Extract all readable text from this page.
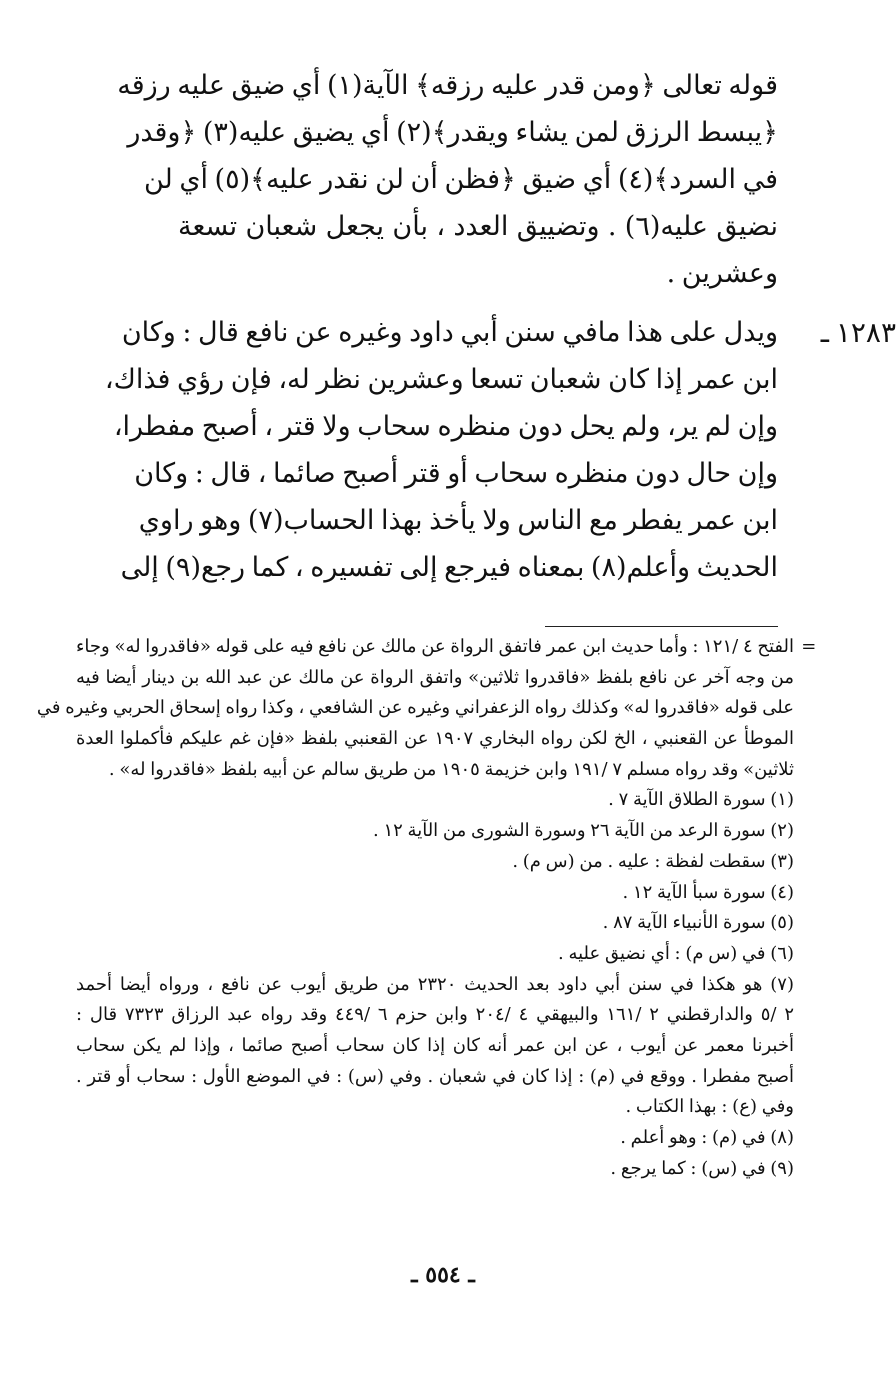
قوله تعالى ﴿ومن قدر عليه رزقه﴾ الآية(١) أي ضيق عليه رزقه
﴿يبسط الرزق لمن يشاء ويقدر﴾(٢) أي يضيق عليه(٣) ﴿وقدر
في السرد﴾(٤) أي ضيق ﴿فظن أن لن نقدر عليه﴾(٥) أي لن
نضيق عليه(٦) . وتضييق العدد ، بأن يجعل شعبان تسعة
وعشرين .
١٢٨٣ ـ
ويدل على هذا مافي سنن أبي داود وغيره عن نافع قال : وكان
ابن عمر إذا كان شعبان تسعا وعشرين نظر له، فإن رؤي فذاك،
وإن لم ير، ولم يحل دون منظره سحاب ولا قتر ، أصبح مفطرا،
وإن حال دون منظره سحاب أو قتر أصبح صائما ، قال : وكان
ابن عمر يفطر مع الناس ولا يأخذ بهذا الحساب(٧) وهو راوي
الحديث وأعلم(٨) بمعناه فيرجع إلى تفسيره ، كما رجع(٩) إلى
=
الفتح ٤ /١٢١ : وأما حديث ابن عمر فاتفق الرواة عن مالك عن نافع فيه على قوله «فاقدروا له» وجاء
من وجه آخر عن نافع بلفظ «فاقدروا ثلاثين» واتفق الرواة عن مالك عن عبد الله بن دينار أيضا فيه
على قوله «فاقدروا له» وكذلك رواه الزعفراني وغيره عن الشافعي ، وكذا رواه إسحاق الحربي وغيره في
الموطأ عن القعنبي ، الخ لكن رواه البخاري ١٩٠٧ عن القعنبي بلفظ «فإن غم عليكم فأكملوا العدة
ثلاثين» وقد رواه مسلم ٧ /١٩١ وابن خزيمة ١٩٠٥ من طريق سالم عن أبيه بلفظ «فاقدروا له» .
(١) سورة الطلاق الآية ٧ .
(٢) سورة الرعد من الآية ٢٦ وسورة الشورى من الآية ١٢ .
(٣) سقطت لفظة : عليه . من (س م) .
(٤) سورة سبأ الآية ١٢ .
(٥) سورة الأنبياء الآية ٨٧ .
(٦) في (س م) : أي نضيق عليه .
(٧) هو هكذا في سنن أبي داود بعد الحديث ٢٣٢٠ من طريق أيوب عن نافع ، ورواه أيضا أحمد
٢ /٥ والدارقطني ٢ /١٦١ والبيهقي ٤ /٢٠٤ وابن حزم ٦ /٤٤٩ وقد رواه عبد الرزاق ٧٣٢٣ قال :
أخبرنا معمر عن أيوب ، عن ابن عمر أنه كان إذا كان سحاب أصبح صائما ، وإذا لم يكن سحاب
أصبح مفطرا . ووقع في (م) : إذا كان في شعبان . وفي (س) : في الموضع الأول : سحاب أو قتر .
وفي (ع) : بهذا الكتاب .
(٨) في (م) : وهو أعلم .
(٩) في (س) : كما يرجع .
ـ ٥٥٤ ـ
